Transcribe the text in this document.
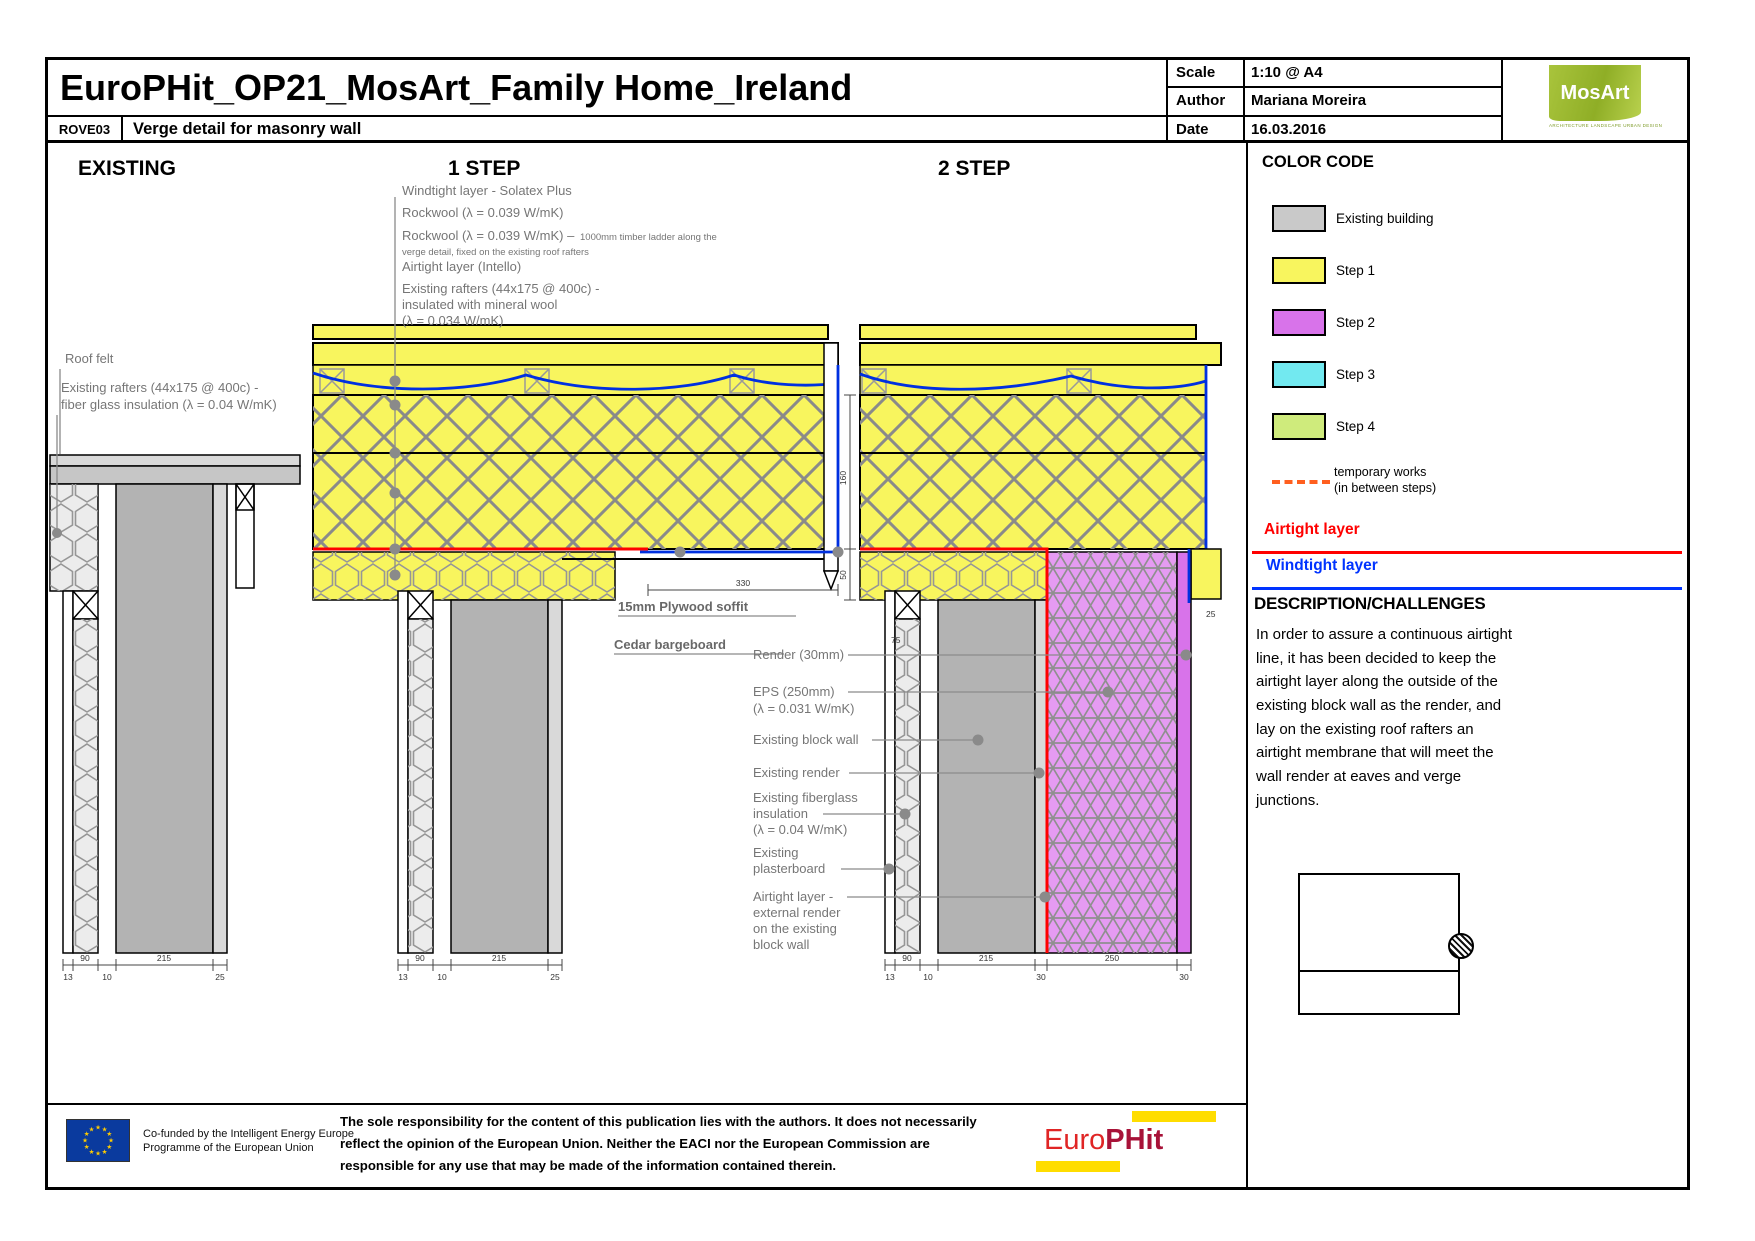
EuroPHit_OP21_MosArt_Family Home_Ireland	Scale	1:10 @ A4
Author	Mariana Moreira
Date	16.03.2016
ROVE03	Verge detail for masonry wall
MosArt
ARCHITECTURE LANDSCAPE URBAN DESIGN
EXISTING	1 STEP	2 STEP
90	215
13	10	25
Roof felt
Existing rafters (44x175 @ 400c) -
fiber glass insulation (λ = 0.04 W/mK)
330
90	215
13	10	25
Windtight layer - Solatex Plus
Rockwool (λ = 0.039 W/mK)
Rockwool (λ = 0.039 W/mK) – 1000mm timber ladder along the
verge detail, fixed on the existing roof rafters
Airtight layer (Intello)
Existing rafters (44x175 @ 400c) -
insulated with mineral wool
(λ = 0.034 W/mK)
15mm Plywood soffit
Cedar bargeboard
160
50
75
25
90	215	250
13	10	30	30
Render (30mm)
EPS (250mm)
(λ = 0.031 W/mK)
Existing block wall
Existing render
Existing fiberglass
insulation
(λ = 0.04 W/mK)
Existing
plasterboard
Airtight layer -
external render
on the existing
block wall
COLOR CODE
Existing building
Step 1
Step 2
Step 3
Step 4
temporary works
(in between steps)
Airtight layer
Windtight layer
DESCRIPTION/CHALLENGES
In order to assure a continuous airtight line, it has been decided to keep the airtight layer along the outside of the existing block wall as the render, and lay on the existing roof rafters an airtight membrane that will meet the wall render at eaves and verge junctions.
★ ★
★
★
★
★
★
★
★
★
★
★	Co-funded by the Intelligent Energy Europe
Programme of the European Union
The sole responsibility for the content of this publication lies with the authors. It does not necessarily
reflect the opinion of the European Union. Neither the EACI nor the European Commission are
responsible for any use that may be made of the information contained therein.
EuroPHit
